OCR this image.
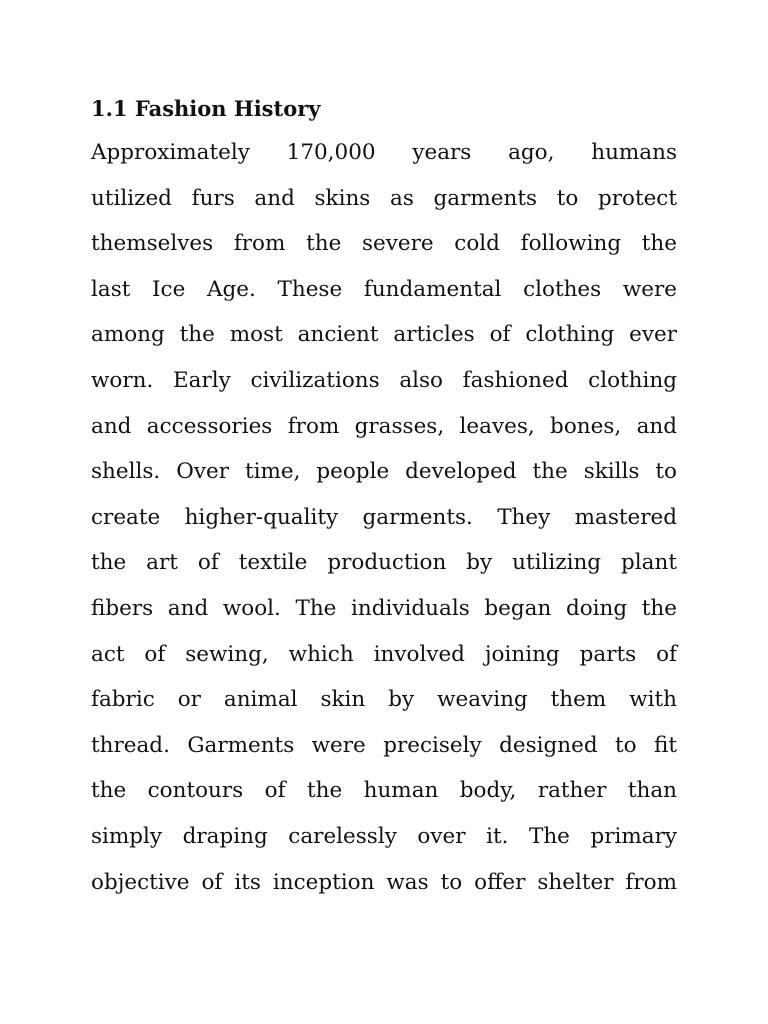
1.1 Fashion History

Approximately 170,000 years ago, humans
utilized furs and skins as garments to protect
themselves from the severe cold following the
last Ice Age. These fundamental clothes were
among the most ancient articles of clothing ever
worn. Early civilizations also fashioned clothing
and accessories from grasses, leaves, bones, and
shells. Over time, people developed the skills to
create higher-quality garments. They mastered
the art of textile production by utilizing plant
fibers and wool. The individuals began doing the
act of sewing, which involved joining parts of
fabric or animal skin by weaving them with
thread. Garments were precisely designed to fit
the contours of the human body, rather than
simply draping carelessly over it. The primary
objective of its inception was to offer shelter from
